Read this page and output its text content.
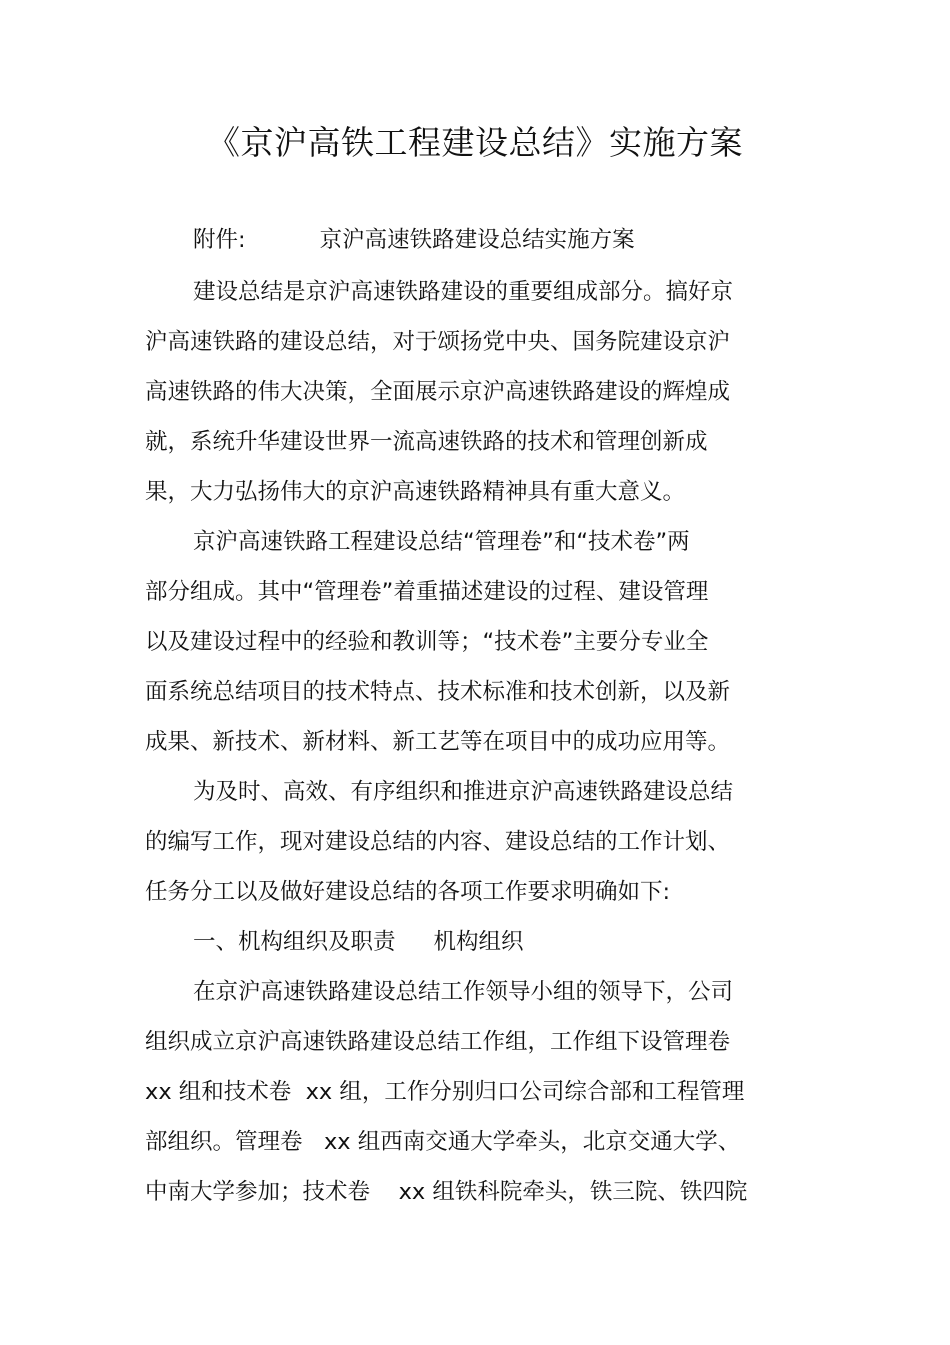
《京沪高铁工程建设总结》实施方案

附件:	京沪高速铁路建设总结实施方案

建设总结是京沪高速铁路建设的重要组成部分。搞好京

沪高速铁路的建设总结，对于颂扬党中央、国务院建设京沪

高速铁路的伟大决策，全面展示京沪高速铁路建设的辉煌成

就，系统升华建设世界一流高速铁路的技术和管理创新成

果，大力弘扬伟大的京沪高速铁路精神具有重大意义。

京沪高速铁路工程建设总结“管理卷”和“技术卷”两

部分组成。其中“管理卷”着重描述建设的过程、建设管理

以及建设过程中的经验和教训等；“技术卷”主要分专业全

面系统总结项目的技术特点、技术标准和技术创新，以及新

成果、新技术、新材料、新工艺等在项目中的成功应用等。

为及时、高效、有序组织和推进京沪高速铁路建设总结

的编写工作，现对建设总结的内容、建设总结的工作计划、

任务分工以及做好建设总结的各项工作要求明确如下:

一、机构组织及职责 机构组织

在京沪高速铁路建设总结工作领导小组的领导下，公司

组织成立京沪高速铁路建设总结工作组，工作组下设管理卷

xx 组和技术卷  xx 组，工作分别归口公司综合部和工程管理

部组织。管理卷   xx 组西南交通大学牵头，北京交通大学、

中南大学参加；技术卷    xx 组铁科院牵头，铁三院、铁四院
